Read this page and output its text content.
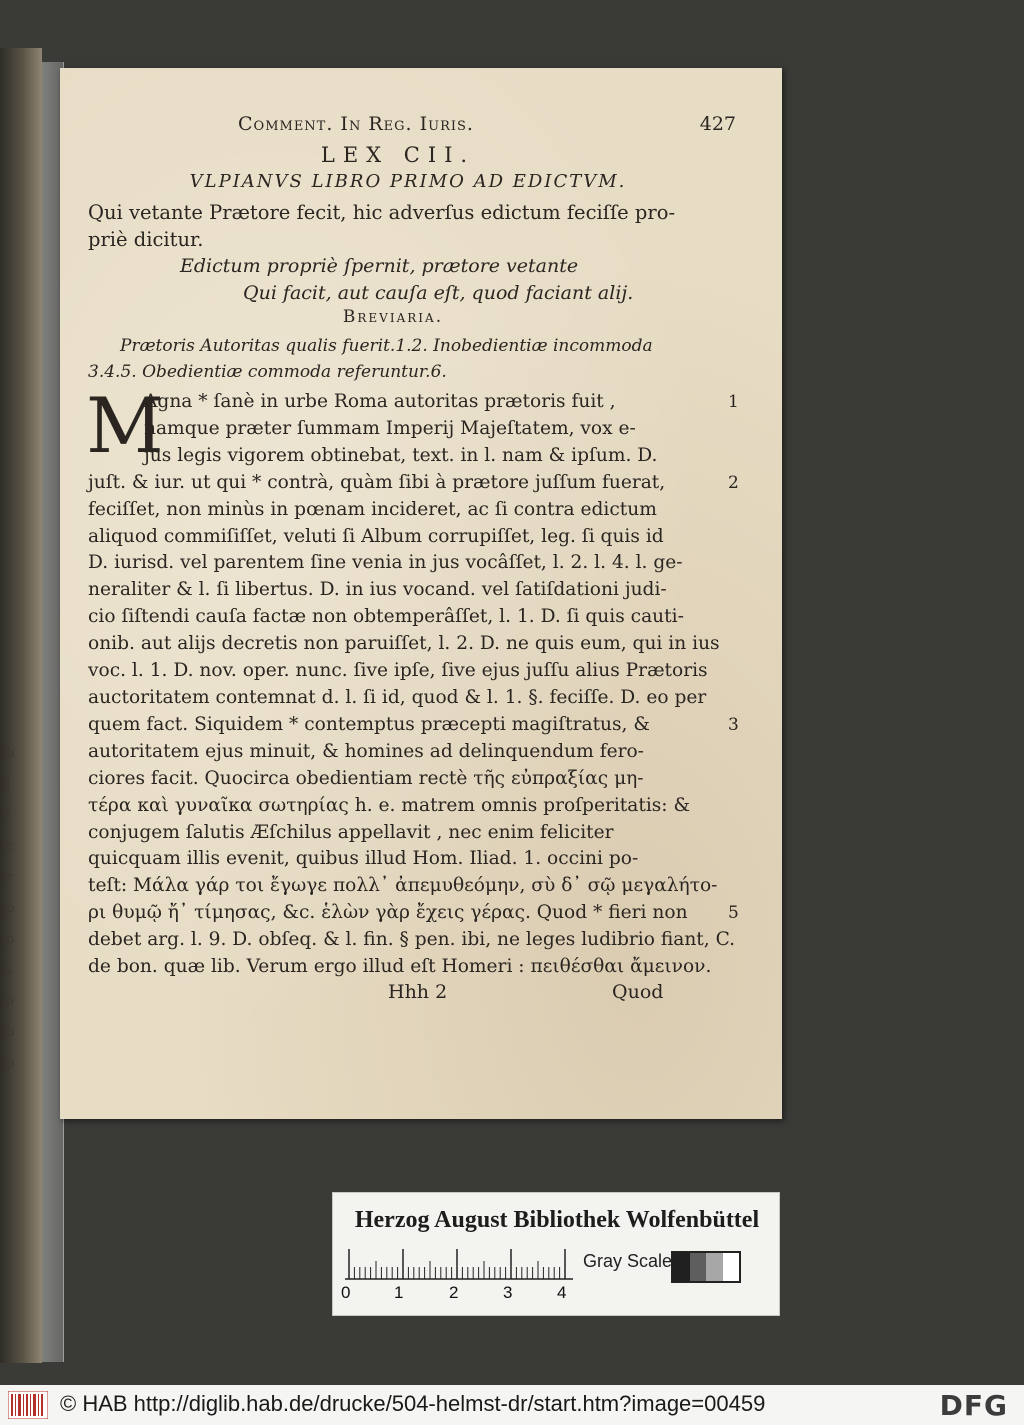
b
l
t
c
r
p
p
s
o
b
p
Comment. In Reg. Iuris.	427
LEX CII.
VLPIANVS LIBRO PRIMO AD EDICTVM.
Qui vetante Prætore fecit, hic adverſus edictum feciſſe pro-
priè dicitur.
Edictum propriè ſpernit, prætore vetante
Qui facit, aut cauſa eſt, quod faciant alij.
Breviaria.
Prætoris Autoritas qualis fuerit.1.2. Inobedientiæ incommoda
3.4.5. Obedientiæ commoda referuntur.6.
M
Agna * ſanè in urbe Roma autoritas prætoris fuit ,	1
namque præter ſummam Imperij Majeſtatem, vox e-
jus legis vigorem obtinebat, text. in l. nam & ipſum. D.
juſt. & iur. ut qui * contrà, quàm ſibi à prætore juſſum fuerat,	2
feciſſet, non minùs in pœnam incideret, ac ſi contra edictum
aliquod commiſiſſet, veluti ſi Album corrupiſſet, leg. ſi quis id
D. iurisd. vel parentem ſine venia in jus vocâſſet, l. 2. l. 4. l. ge-
neraliter & l. ſi libertus. D. in ius vocand. vel ſatiſdationi judi-
cio ſiſtendi cauſa factæ non obtemperâſſet, l. 1. D. ſi quis cauti-
onib. aut alijs decretis non paruiſſet, l. 2. D. ne quis eum, qui in ius
voc. l. 1. D. nov. oper. nunc. ſive ipſe, ſive ejus juſſu alius Prætoris
auctoritatem contemnat d. l. ſi id, quod & l. 1. §. feciſſe. D. eo per
quem fact. Siquidem * contemptus præcepti magiſtratus, &	3
autoritatem ejus minuit, & homines ad delinquendum fero-
ciores facit. Quocirca obedientiam rectè τῆς εὐπραξίας μη-
τέρα καὶ γυναῖκα σωτηρίας h. e. matrem omnis proſperitatis: &
conjugem ſalutis Æſchilus appellavit , nec enim feliciter
quicquam illis evenit, quibus illud Hom. Iliad. 1. occini po-
teſt: Μάλα γάρ τοι ἔγωγε πολλ᾽ ἀπεμυθεόμην, σὺ δ᾽ σῷ μεγαλήτο-
ρι θυμῷ ἤ᾽ τίμησας, &c. ἑλὼν γὰρ ἔχεις γέρας. Quod * fieri non 5
debet arg. l. 9. D. obſeq. & l. fin. § pen. ibi, ne leges ludibrio fiant, C.
de bon. quæ lib. Verum ergo illud eſt Homeri : πειθέσθαι ἄμεινον.
Hhh 2	Quod
Herzog August Bibliothek Wolfenbüttel
0	1	2	3	4
Gray Scale
© HAB http://diglib.hab.de/drucke/504-helmst-dr/start.htm?image=00459	DFG
